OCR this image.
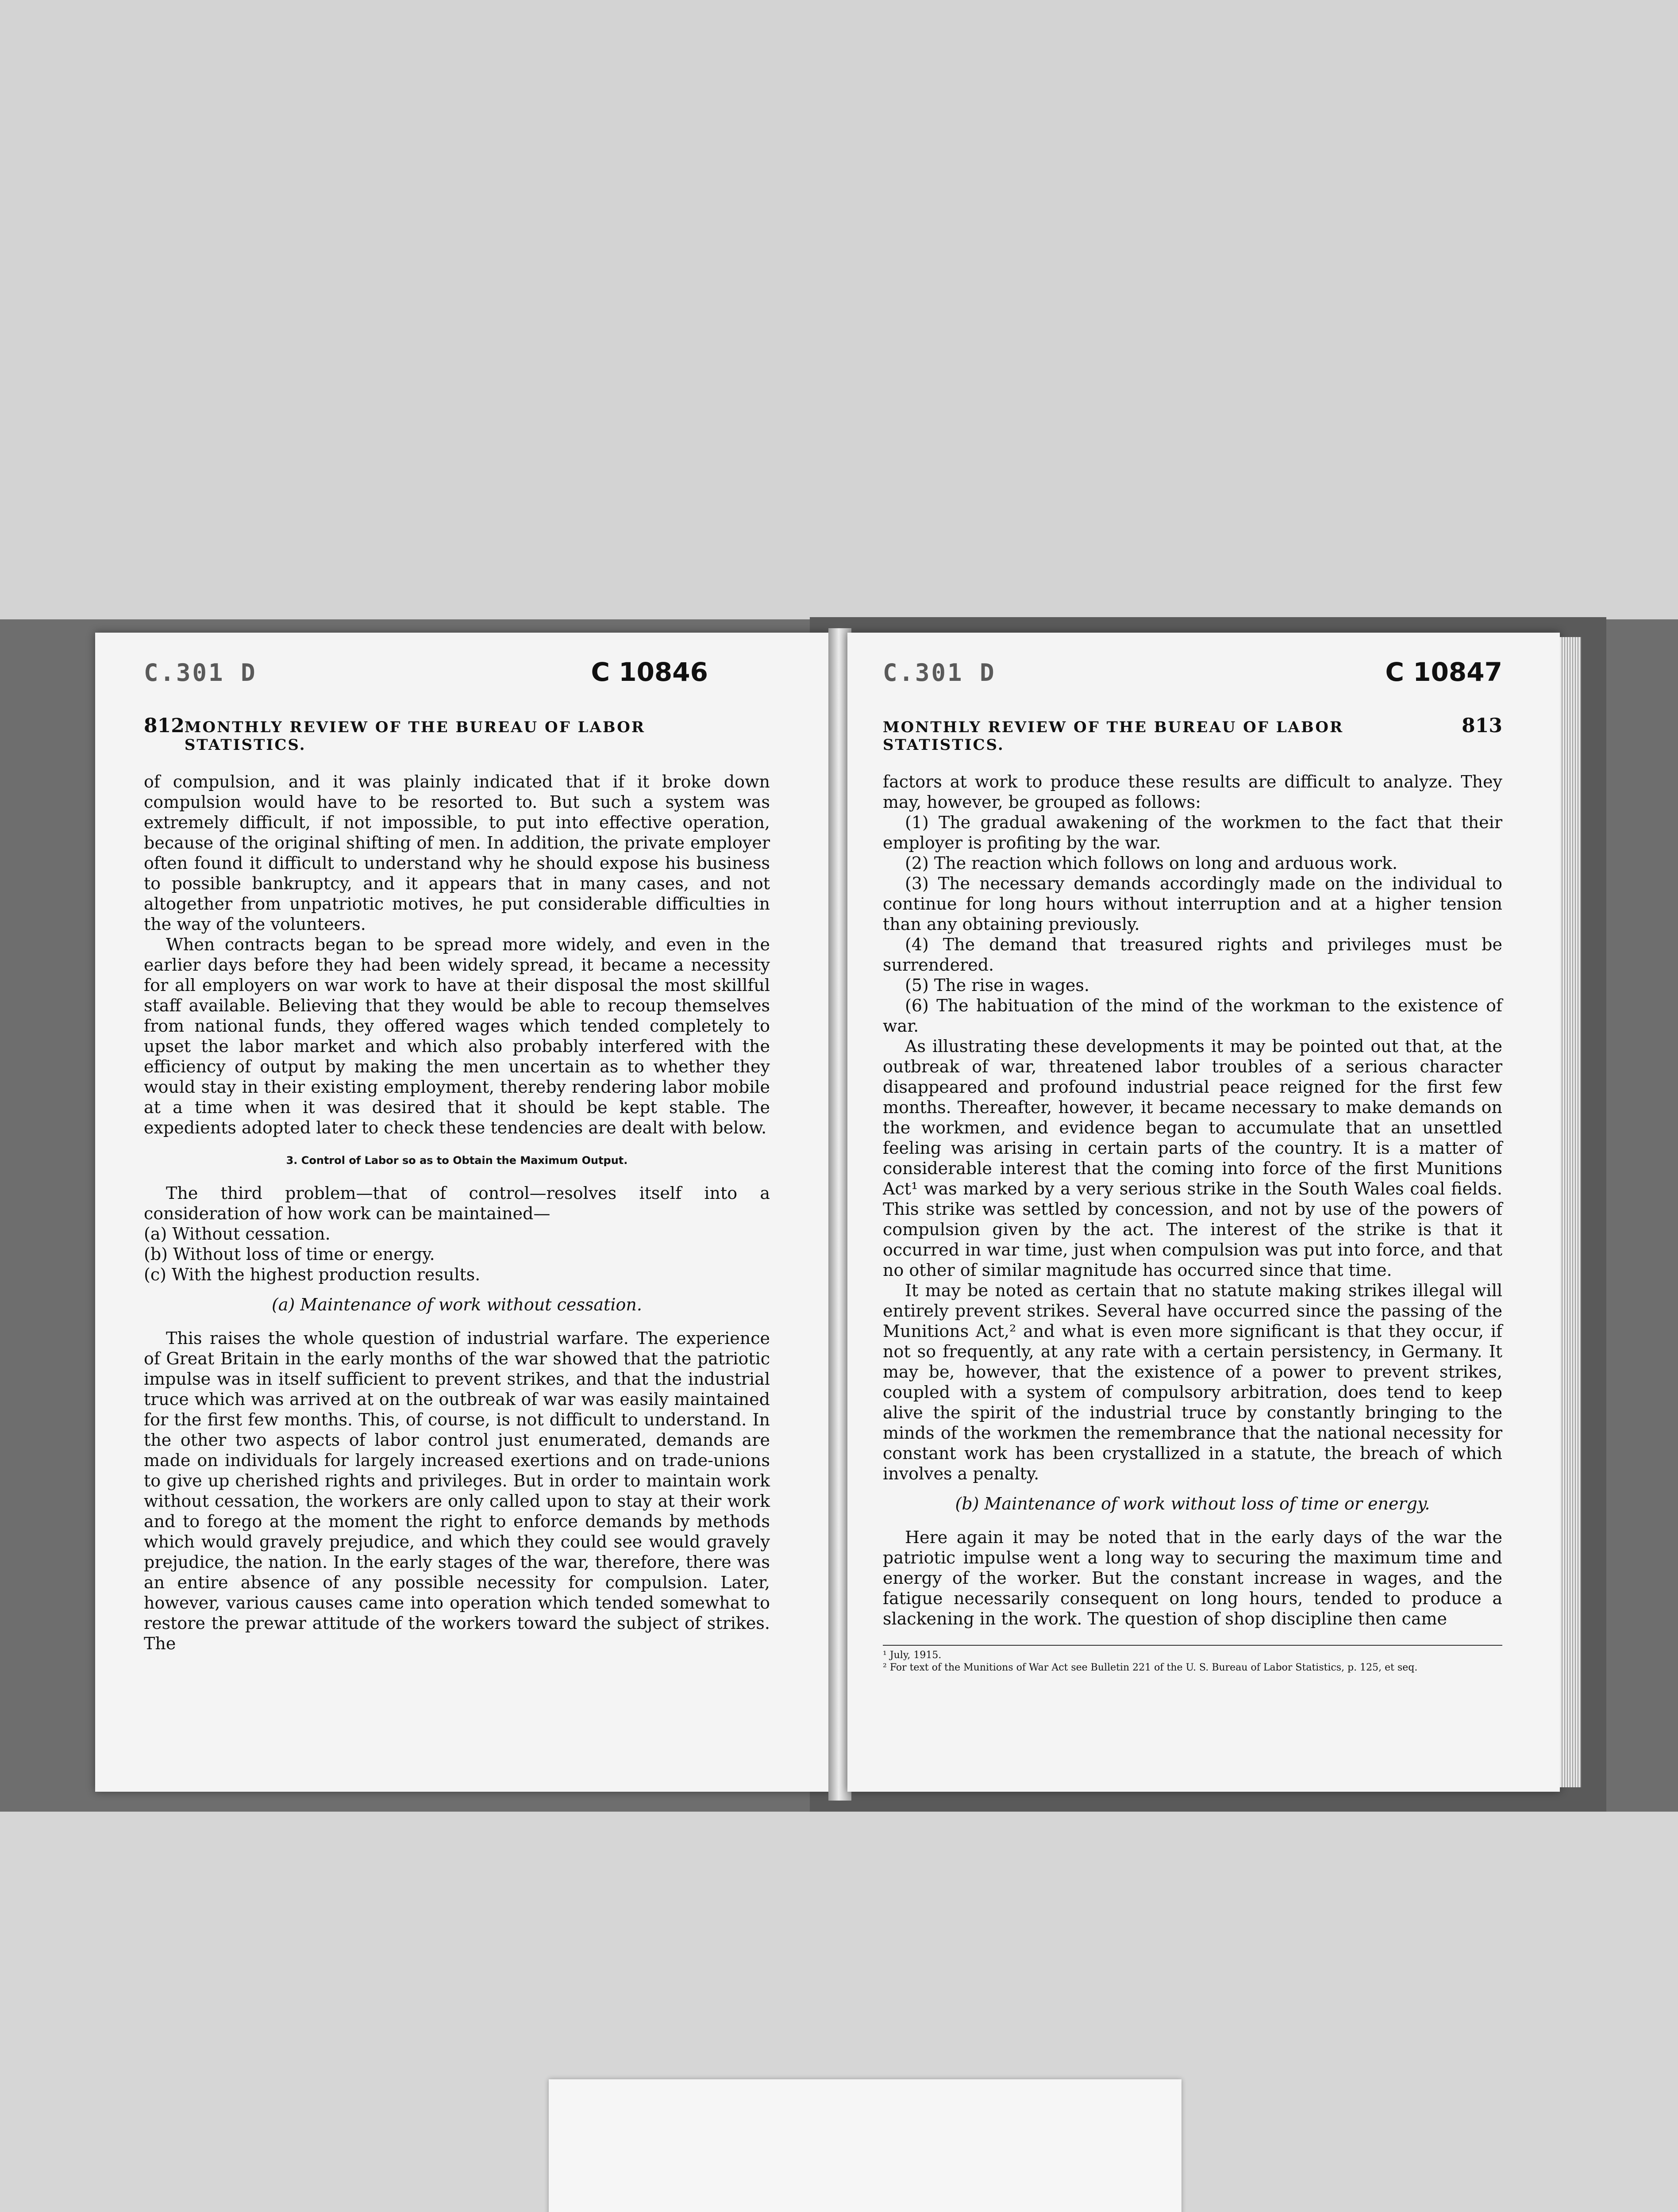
C.301 D	C 10846
812 MONTHLY REVIEW OF THE BUREAU OF LABOR STATISTICS.

of compulsion, and it was plainly indicated that if it broke down compulsion would have to be resorted to. But such a system was extremely difficult, if not impossible, to put into effective operation, because of the original shifting of men. In addition, the private employer often found it difficult to understand why he should expose his business to possible bankruptcy, and it appears that in many cases, and not altogether from unpatriotic motives, he put considerable difficulties in the way of the volunteers.

When contracts began to be spread more widely, and even in the earlier days before they had been widely spread, it became a necessity for all employers on war work to have at their disposal the most skillful staff available. Believing that they would be able to recoup themselves from national funds, they offered wages which tended completely to upset the labor market and which also probably interfered with the efficiency of output by making the men uncertain as to whether they would stay in their existing employment, thereby rendering labor mobile at a time when it was desired that it should be kept stable. The expedients adopted later to check these tendencies are dealt with below.

3. Control of Labor so as to Obtain the Maximum Output.

The third problem—that of control—resolves itself into a consideration of how work can be maintained—

(a) Without cessation.

(b) Without loss of time or energy.

(c) With the highest production results.

(a) Maintenance of work without cessation.

This raises the whole question of industrial warfare. The experience of Great Britain in the early months of the war showed that the patriotic impulse was in itself sufficient to prevent strikes, and that the industrial truce which was arrived at on the outbreak of war was easily maintained for the first few months. This, of course, is not difficult to understand. In the other two aspects of labor control just enumerated, demands are made on individuals for largely increased exertions and on trade-unions to give up cherished rights and privileges. But in order to maintain work without cessation, the workers are only called upon to stay at their work and to forego at the moment the right to enforce demands by methods which would gravely prejudice, and which they could see would gravely prejudice, the nation. In the early stages of the war, therefore, there was an entire absence of any possible necessity for compulsion. Later, however, various causes came into operation which tended somewhat to restore the prewar attitude of the workers toward the subject of strikes. The

C.301 D	C 10847
MONTHLY REVIEW OF THE BUREAU OF LABOR STATISTICS.
813

factors at work to produce these results are difficult to analyze. They may, however, be grouped as follows:

(1) The gradual awakening of the workmen to the fact that their employer is profiting by the war.

(2) The reaction which follows on long and arduous work.

(3) The necessary demands accordingly made on the individual to continue for long hours without interruption and at a higher tension than any obtaining previously.

(4) The demand that treasured rights and privileges must be surrendered.

(5) The rise in wages.

(6) The habituation of the mind of the workman to the existence of war.

As illustrating these developments it may be pointed out that, at the outbreak of war, threatened labor troubles of a serious character disappeared and profound industrial peace reigned for the first few months. Thereafter, however, it became necessary to make demands on the workmen, and evidence began to accumulate that an unsettled feeling was arising in certain parts of the country. It is a matter of considerable interest that the coming into force of the first Munitions Act¹ was marked by a very serious strike in the South Wales coal fields. This strike was settled by concession, and not by use of the powers of compulsion given by the act. The interest of the strike is that it occurred in war time, just when compulsion was put into force, and that no other of similar magnitude has occurred since that time.

It may be noted as certain that no statute making strikes illegal will entirely prevent strikes. Several have occurred since the passing of the Munitions Act,² and what is even more significant is that they occur, if not so frequently, at any rate with a certain persistency, in Germany. It may be, however, that the existence of a power to prevent strikes, coupled with a system of compulsory arbitration, does tend to keep alive the spirit of the industrial truce by constantly bringing to the minds of the workmen the remembrance that the national necessity for constant work has been crystallized in a statute, the breach of which involves a penalty.

(b) Maintenance of work without loss of time or energy.

Here again it may be noted that in the early days of the war the patriotic impulse went a long way to securing the maximum time and energy of the worker. But the constant increase in wages, and the fatigue necessarily consequent on long hours, tended to produce a slackening in the work. The question of shop discipline then came

¹ July, 1915.
² For text of the Munitions of War Act see Bulletin 221 of the U. S. Bureau of Labor Statistics, p. 125, et seq.
